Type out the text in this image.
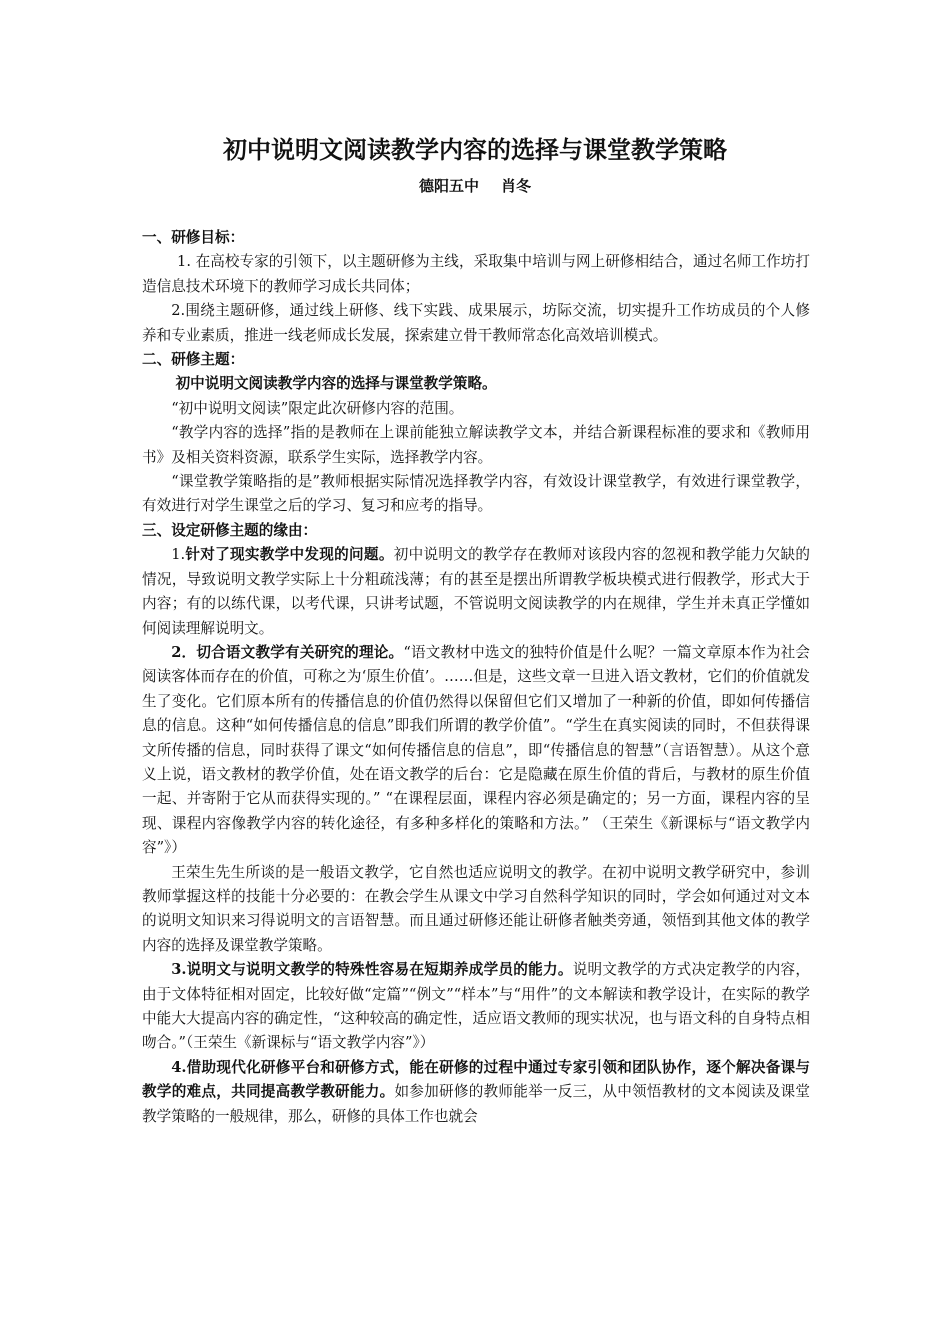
初中说明文阅读教学内容的选择与课堂教学策略
德阳五中 肖冬

一、研修目标：

1. 在高校专家的引领下，以主题研修为主线，采取集中培训与网上研修相结合，通过名师工作坊打造信息技术环境下的教师学习成长共同体；

2.围绕主题研修，通过线上研修、线下实践、成果展示，坊际交流，切实提升工作坊成员的个人修养和专业素质，推进一线老师成长发展，探索建立骨干教师常态化高效培训模式。

二、研修主题：

初中说明文阅读教学内容的选择与课堂教学策略。

“初中说明文阅读”限定此次研修内容的范围。

“教学内容的选择”指的是教师在上课前能独立解读教学文本，并结合新课程标准的要求和《教师用书》及相关资料资源，联系学生实际，选择教学内容。

“课堂教学策略指的是”教师根据实际情况选择教学内容，有效设计课堂教学，有效进行课堂教学，有效进行对学生课堂之后的学习、复习和应考的指导。

三、设定研修主题的缘由：

1.针对了现实教学中发现的问题。初中说明文的教学存在教师对该段内容的忽视和教学能力欠缺的情况，导致说明文教学实际上十分粗疏浅薄；有的甚至是摆出所谓教学板块模式进行假教学，形式大于内容；有的以练代课，以考代课，只讲考试题，不管说明文阅读教学的内在规律，学生并未真正学懂如何阅读理解说明文。

2．切合语文教学有关研究的理论。“语文教材中选文的独特价值是什么呢？一篇文章原本作为社会阅读客体而存在的价值，可称之为‘原生价值’。……但是，这些文章一旦进入语文教材，它们的价值就发生了变化。它们原本所有的传播信息的价值仍然得以保留但它们又增加了一种新的价值，即如何传播信息的信息。这种“如何传播信息的信息”即我们所谓的教学价值”。“学生在真实阅读的同时，不但获得课文所传播的信息，同时获得了课文“如何传播信息的信息”，即“传播信息的智慧”（言语智慧）。从这个意义上说，语文教材的教学价值，处在语文教学的后台：它是隐藏在原生价值的背后，与教材的原生价值一起、并寄附于它从而获得实现的。” “在课程层面，课程内容必须是确定的；另一方面，课程内容的呈现、课程内容像教学内容的转化途径，有多种多样化的策略和方法。” （王荣生《新课标与“语文教学内容”》）

王荣生先生所谈的是一般语文教学，它自然也适应说明文的教学。在初中说明文教学研究中，参训教师掌握这样的技能十分必要的：在教会学生从课文中学习自然科学知识的同时，学会如何通过对文本的说明文知识来习得说明文的言语智慧。而且通过研修还能让研修者触类旁通，领悟到其他文体的教学内容的选择及课堂教学策略。

3.说明文与说明文教学的特殊性容易在短期养成学员的能力。说明文教学的方式决定教学的内容，由于文体特征相对固定，比较好做“定篇”“例文”“样本”与“用件”的文本解读和教学设计，在实际的教学中能大大提高内容的确定性，“这种较高的确定性，适应语文教师的现实状况，也与语文科的自身特点相吻合。”（王荣生《新课标与“语文教学内容”》）

4.借助现代化研修平台和研修方式，能在研修的过程中通过专家引领和团队协作，逐个解决备课与教学的难点，共同提高教学教研能力。如参加研修的教师能举一反三，从中领悟教材的文本阅读及课堂教学策略的一般规律，那么，研修的具体工作也就会
